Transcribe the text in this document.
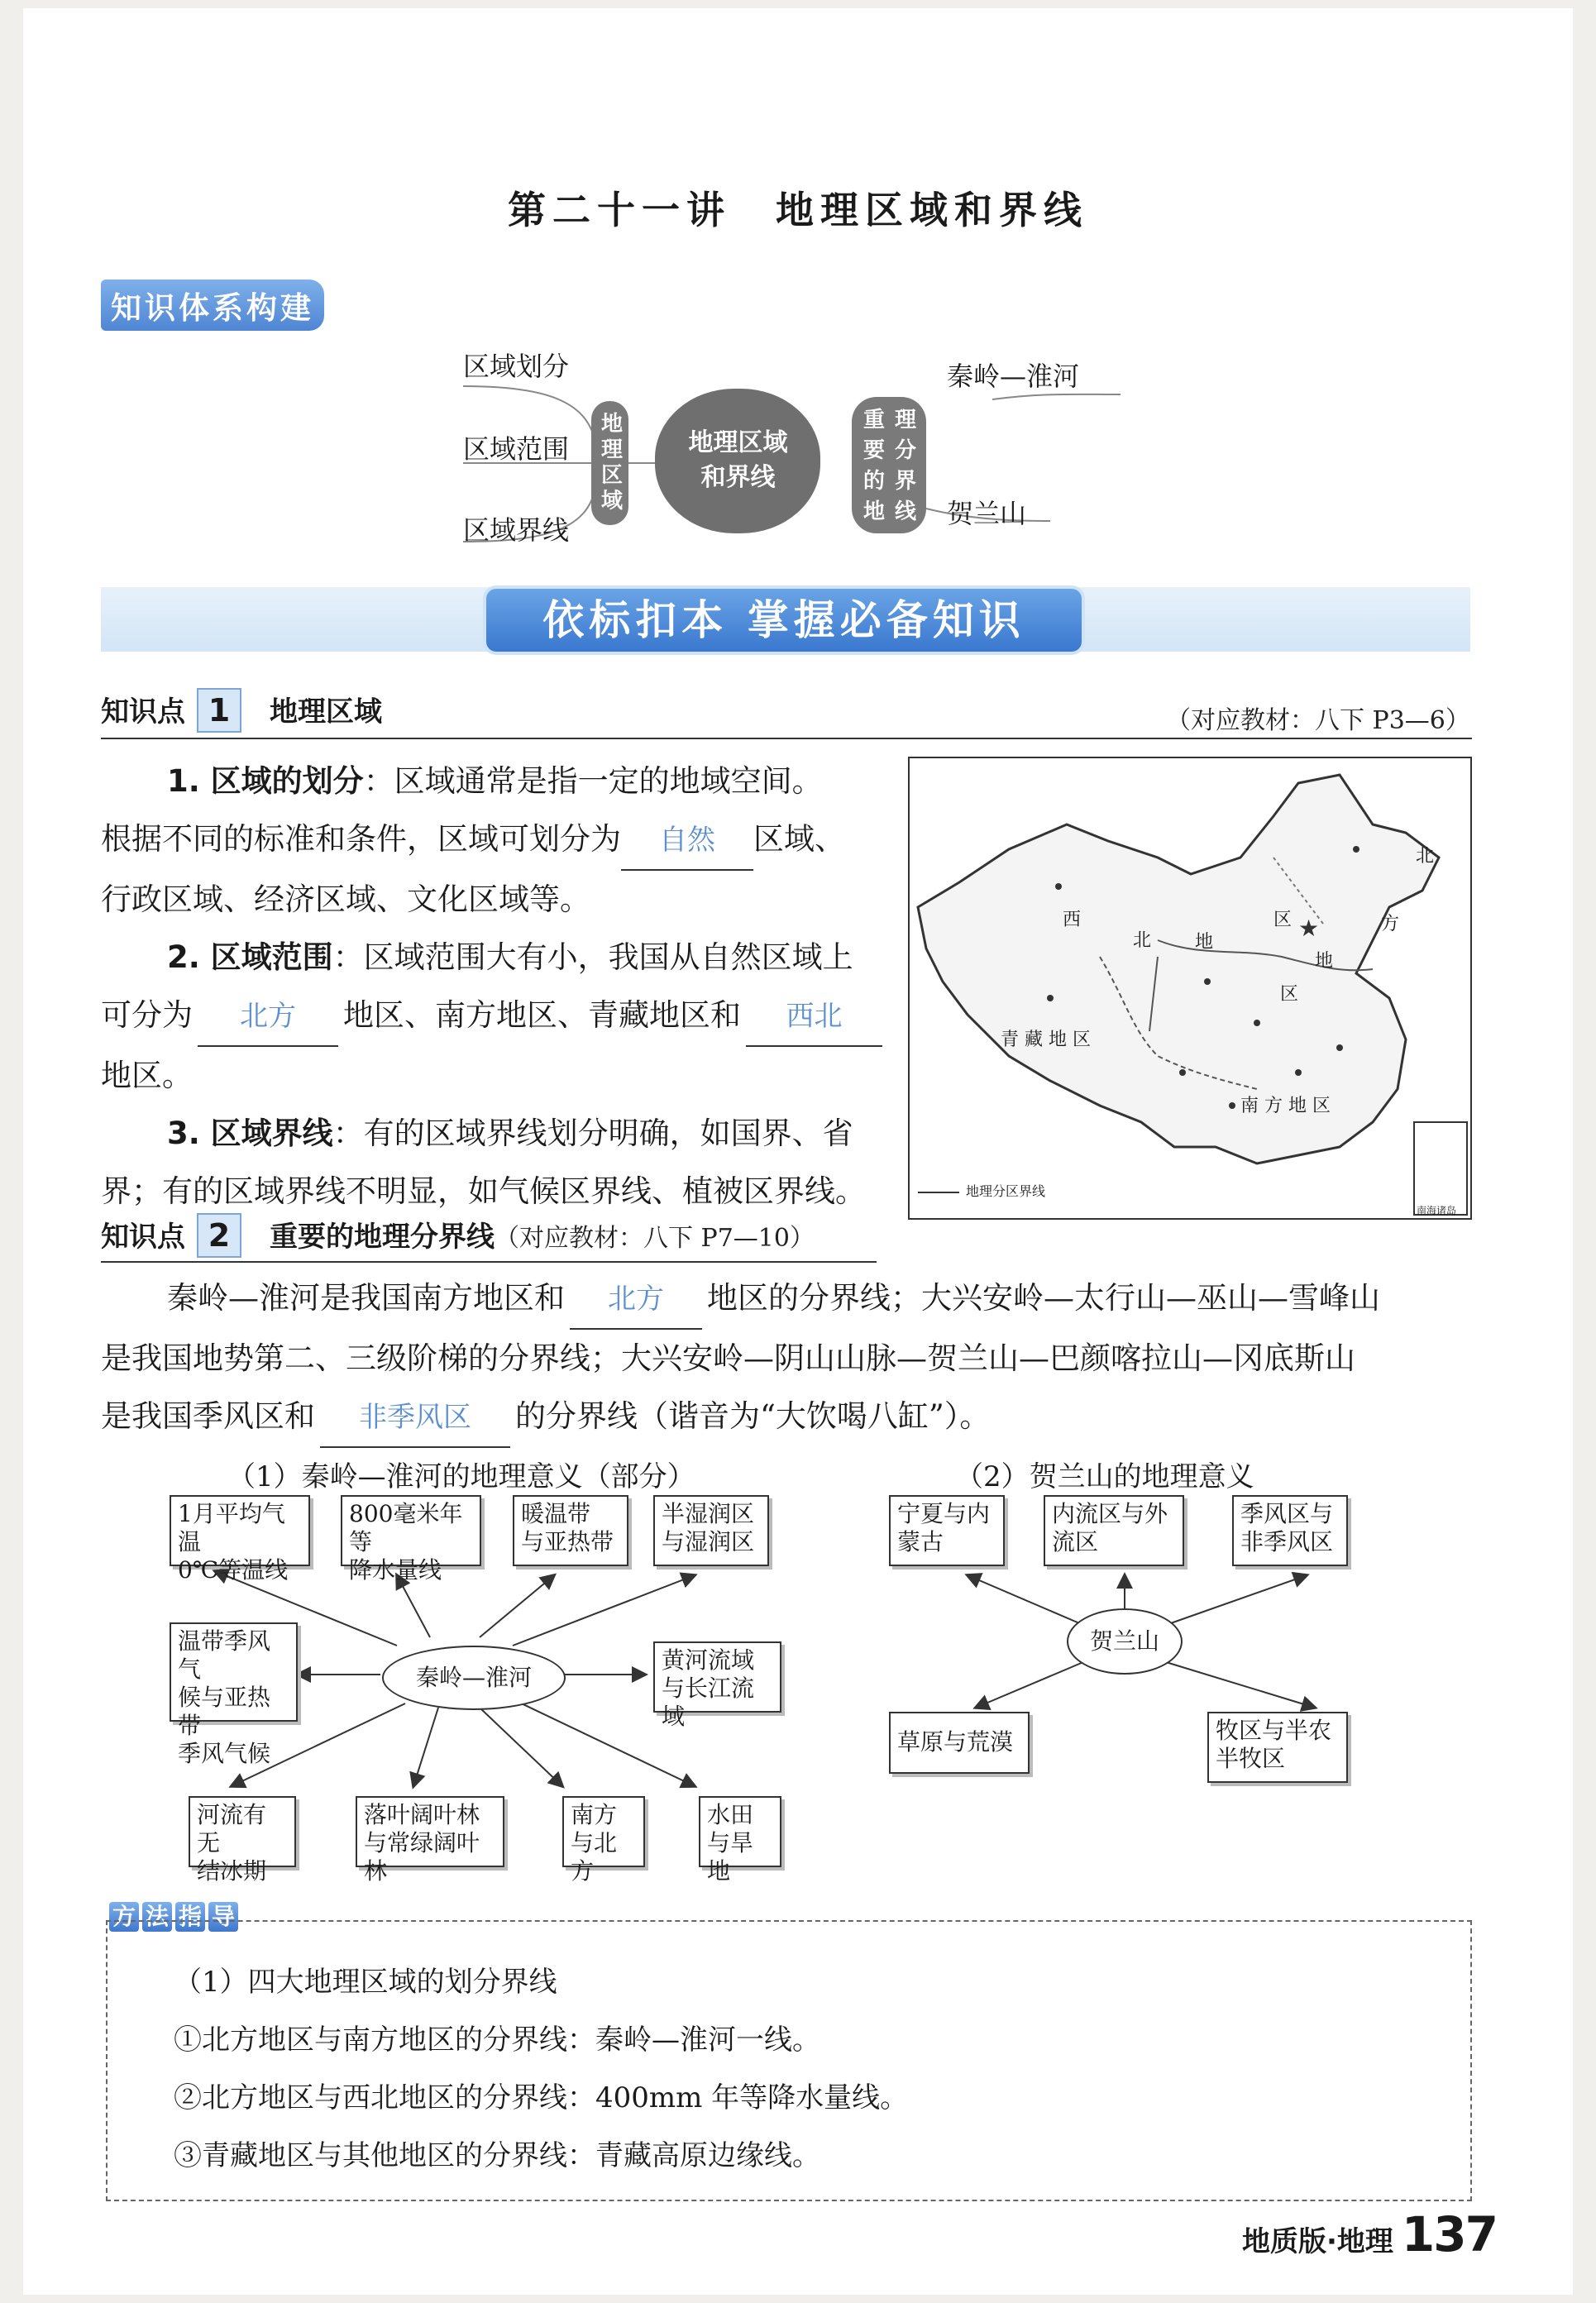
第二十一讲　地理区域和界线
知识体系构建
地
理
区
域
地理区域
和界线
重 理
要 分
的 界
地 线
区域划分
区域范围
区域界线
秦岭—淮河
贺兰山
依标扣本 掌握必备知识
知识点 1 地理区域	（对应教材：八下 P3—6）
1. 区域的划分：区域通常是指一定的地域空间。
根据不同的标准和条件，区域可划分为 自然 区域、
行政区域、经济区域、文化区域等。
2. 区域范围：区域范围大有小，我国从自然区域上
可分为 北方 地区、南方地区、青藏地区和 西北
地区。
3. 区域界线：有的区域界线划分明确，如国界、省
界；有的区域界线不明显，如气候区界线、植被区界线。
★
西
北 地
区
北
方
地
区
青 藏 地 区
南 方 地 区
地理分区界线
南海诸岛
知识点 2 重要的地理分界线（对应教材：八下 P7—10）
秦岭—淮河是我国南方地区和 北方 地区的分界线；大兴安岭—太行山—巫山—雪峰山
是我国地势第二、三级阶梯的分界线；大兴安岭—阴山山脉—贺兰山—巴颜喀拉山—冈底斯山
是我国季风区和 非季风区 的分界线（谐音为“大饮喝八缸”）。
（1）秦岭—淮河的地理意义（部分）
秦岭—淮河
1月平均气温
0℃等温线
800毫米年等
降水量线
暖温带
与亚热带
半湿润区
与湿润区
温带季风气
候与亚热带
季风气候
黄河流域
与长江流域
河流有无
结冰期
落叶阔叶林
与常绿阔叶林
南方
与北方
水田
与旱地
（2）贺兰山的地理意义
贺兰山
宁夏与内
蒙古
内流区与外
流区
季风区与
非季风区
草原与荒漠	牧区与半农
半牧区
方 法 指 导
（1）四大地理区域的划分界线
①北方地区与南方地区的分界线：秦岭—淮河一线。
②北方地区与西北地区的分界线：400mm 年等降水量线。
③青藏地区与其他地区的分界线：青藏高原边缘线。
地质版·地理 137
